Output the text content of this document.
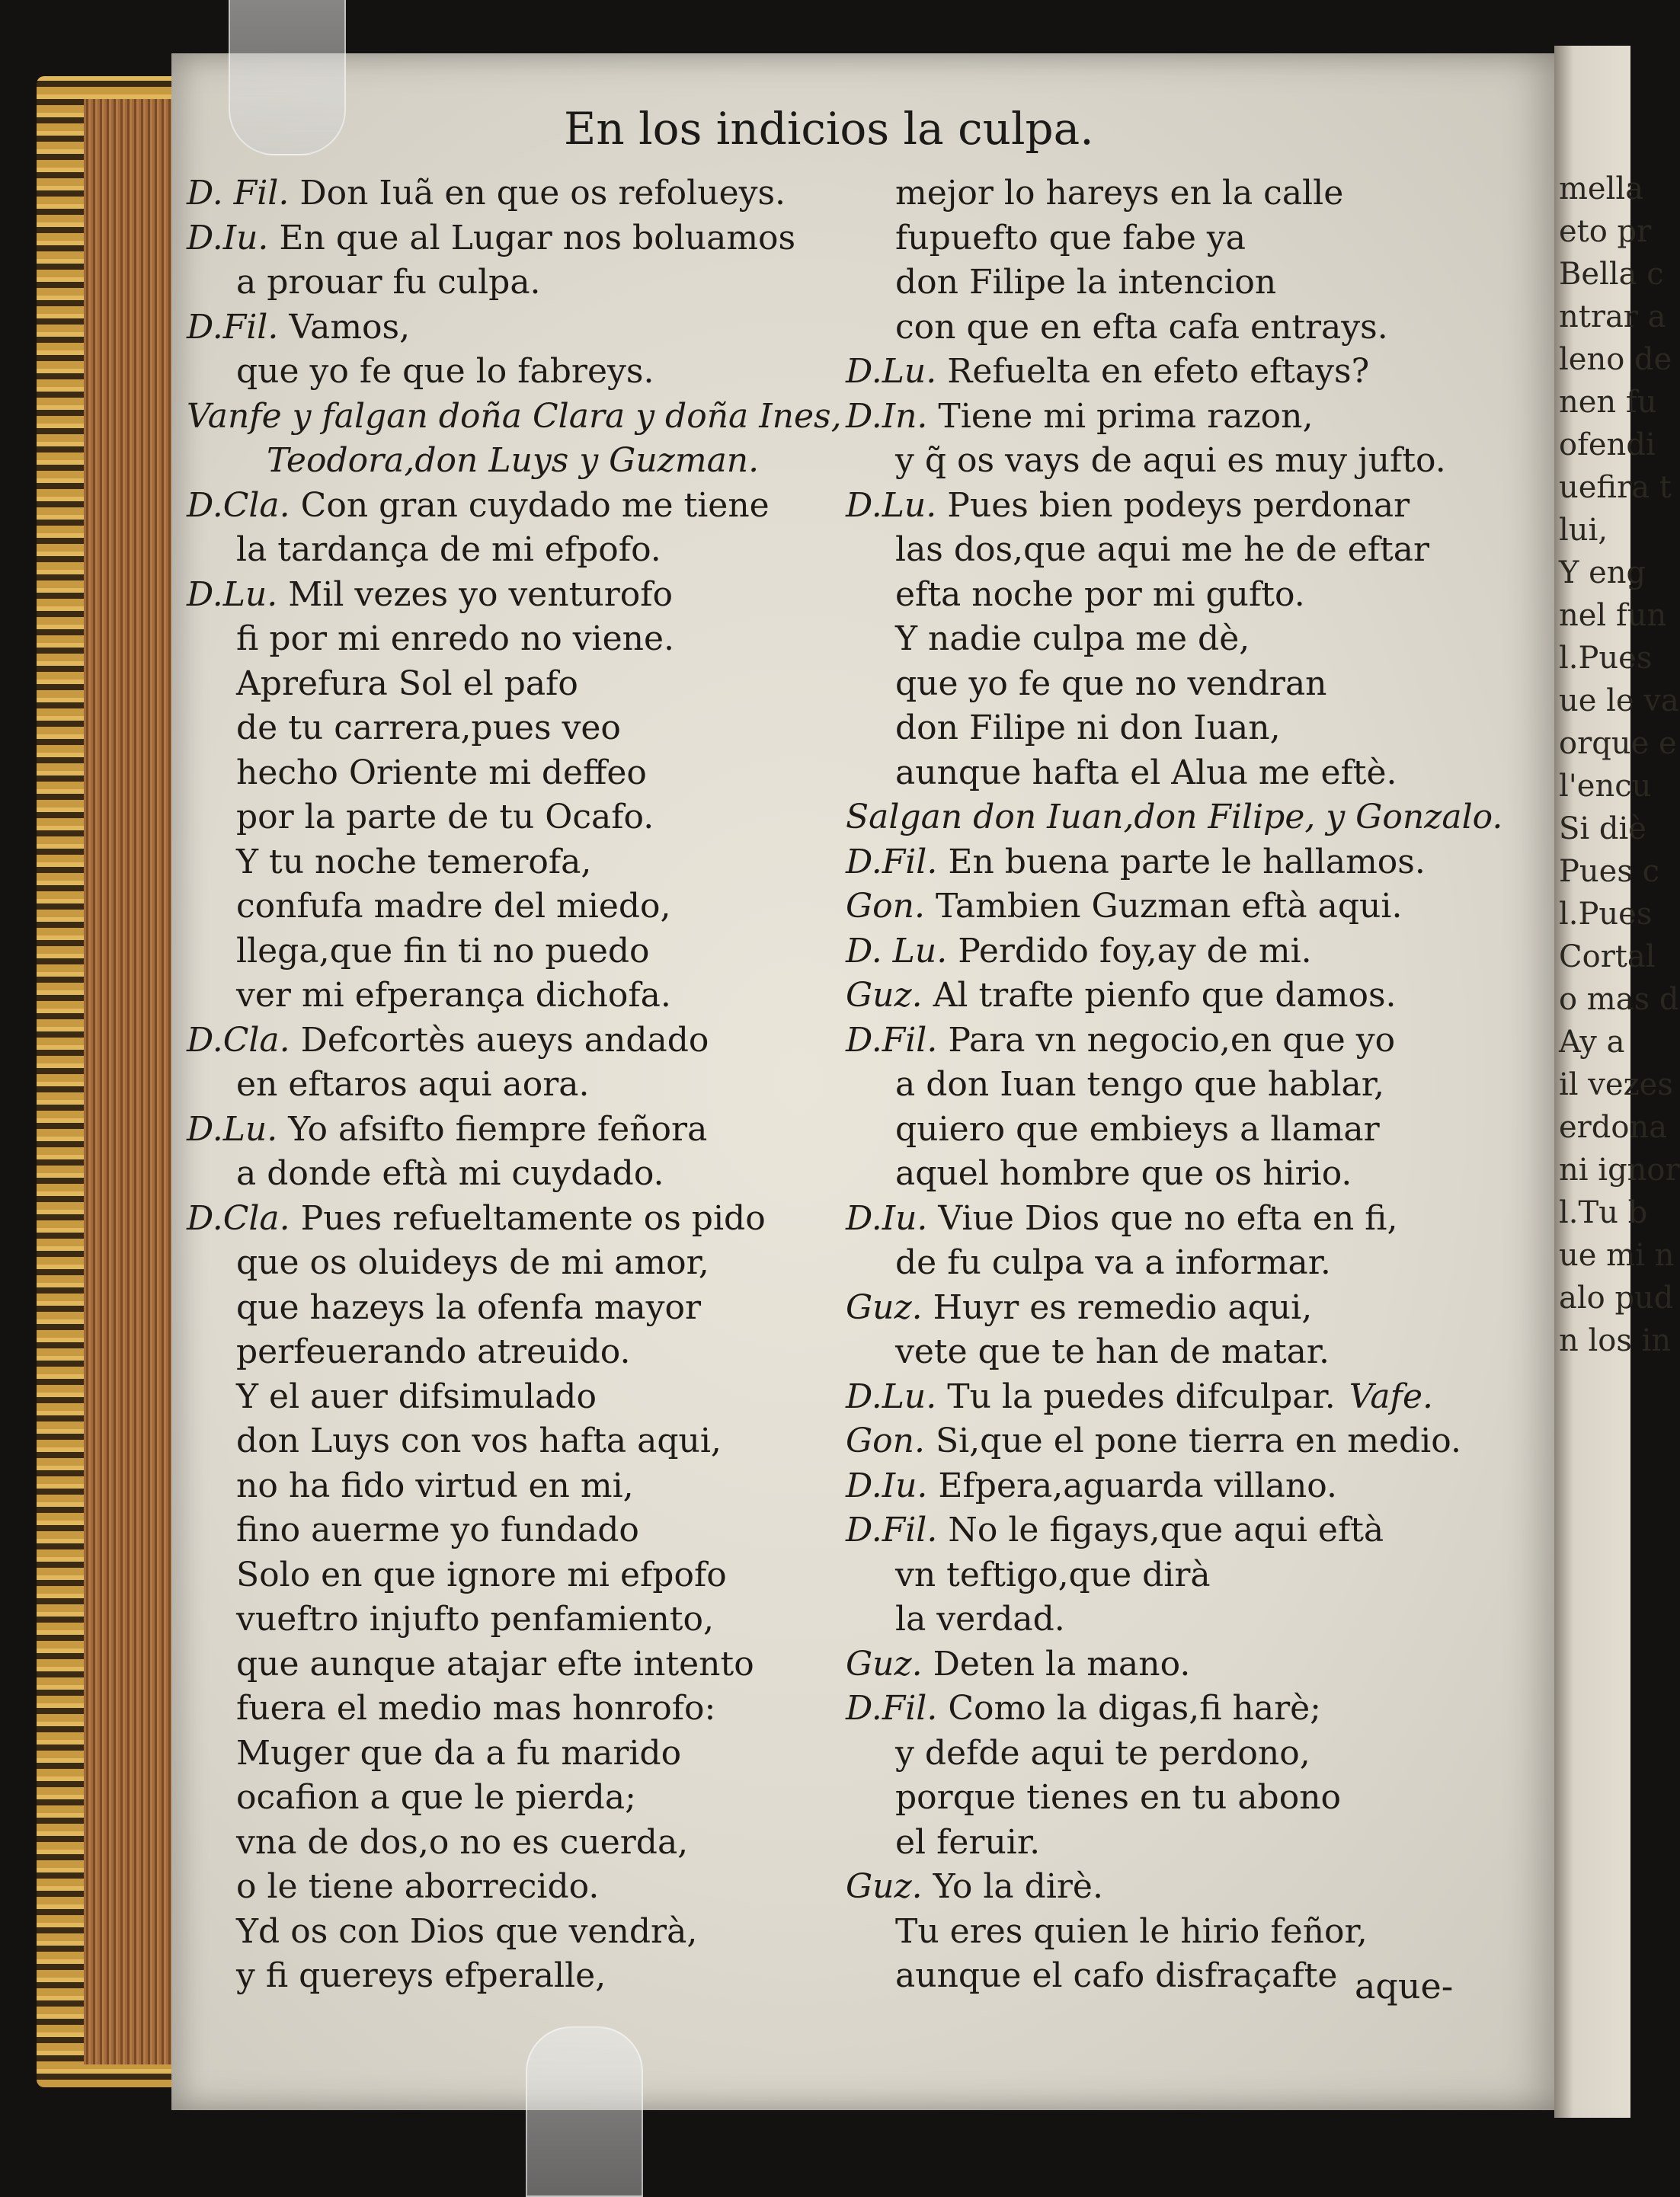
mella
eto pr
Bella c
ntrar a
leno de
nen fu
ofendi
uefira t
lui,
Y eng
nel fun
l.Pues
ue le va
orque e
l'encu
Si diè
Pues c
l.Pues
Cortal
o mas d
Ay a
il vezes
erdona
ni ignor
l.Tu b
ue mi n
alo pud
n los in
En los indicios la culpa.
D. Fil. Don Iuã en que os refolueys.
D.Iu. En que al Lugar nos boluamos
a prouar fu culpa.
D.Fil. Vamos,
que yo fe que lo fabreys.
Vanfe y falgan doña Clara y doña Ines,
Teodora,don Luys y Guzman.
D.Cla. Con gran cuydado me tiene
la tardança de mi efpofo.
D.Lu. Mil vezes yo venturofo
fi por mi enredo no viene.
Aprefura Sol el pafo
de tu carrera,pues veo
hecho Oriente mi deffeo
por la parte de tu Ocafo.
Y tu noche temerofa,
confufa madre del miedo,
llega,que fin ti no puedo
ver mi efperança dichofa.
D.Cla. Defcortès aueys andado
en eftaros aqui aora.
D.Lu. Yo afsifto fiempre feñora
a donde eftà mi cuydado.
D.Cla. Pues refueltamente os pido
que os oluideys de mi amor,
que hazeys la ofenfa mayor
perfeuerando atreuido.
Y el auer difsimulado
don Luys con vos hafta aqui,
no ha fido virtud en mi,
fino auerme yo fundado
Solo en que ignore mi efpofo
vueftro injufto penfamiento,
que aunque atajar efte intento
fuera el medio mas honrofo:
Muger que da a fu marido
ocafion a que le pierda;
vna de dos,o no es cuerda,
o le tiene aborrecido.
Yd os con Dios que vendrà,
y fi quereys efperalle,
mejor lo hareys en la calle
fupuefto que fabe ya
don Filipe la intencion
con que en efta cafa entrays.
D.Lu. Refuelta en efeto eftays?
D.In. Tiene mi prima razon,
y q̃ os vays de aqui es muy jufto.
D.Lu. Pues bien podeys perdonar
las dos,que aqui me he de eftar
efta noche por mi gufto.
Y nadie culpa me dè,
que yo fe que no vendran
don Filipe ni don Iuan,
aunque hafta el Alua me eftè.
Salgan don Iuan,don Filipe, y Gonzalo.
D.Fil. En buena parte le hallamos.
Gon. Tambien Guzman eftà aqui.
D. Lu. Perdido foy,ay de mi.
Guz. Al trafte pienfo que damos.
D.Fil. Para vn negocio,en que yo
a don Iuan tengo que hablar,
quiero que embieys a llamar
aquel hombre que os hirio.
D.Iu. Viue Dios que no efta en fi,
de fu culpa va a informar.
Guz. Huyr es remedio aqui,
vete que te han de matar.
D.Lu. Tu la puedes difculpar. Vafe.
Gon. Si,que el pone tierra en medio.
D.Iu. Efpera,aguarda villano.
D.Fil. No le figays,que aqui eftà
vn teftigo,que dirà
la verdad.
Guz. Deten la mano.
D.Fil. Como la digas,fi harè;
y defde aqui te perdono,
porque tienes en tu abono
el feruir.
Guz. Yo la dirè.
Tu eres quien le hirio feñor,
aunque el cafo disfraçafte aque-
